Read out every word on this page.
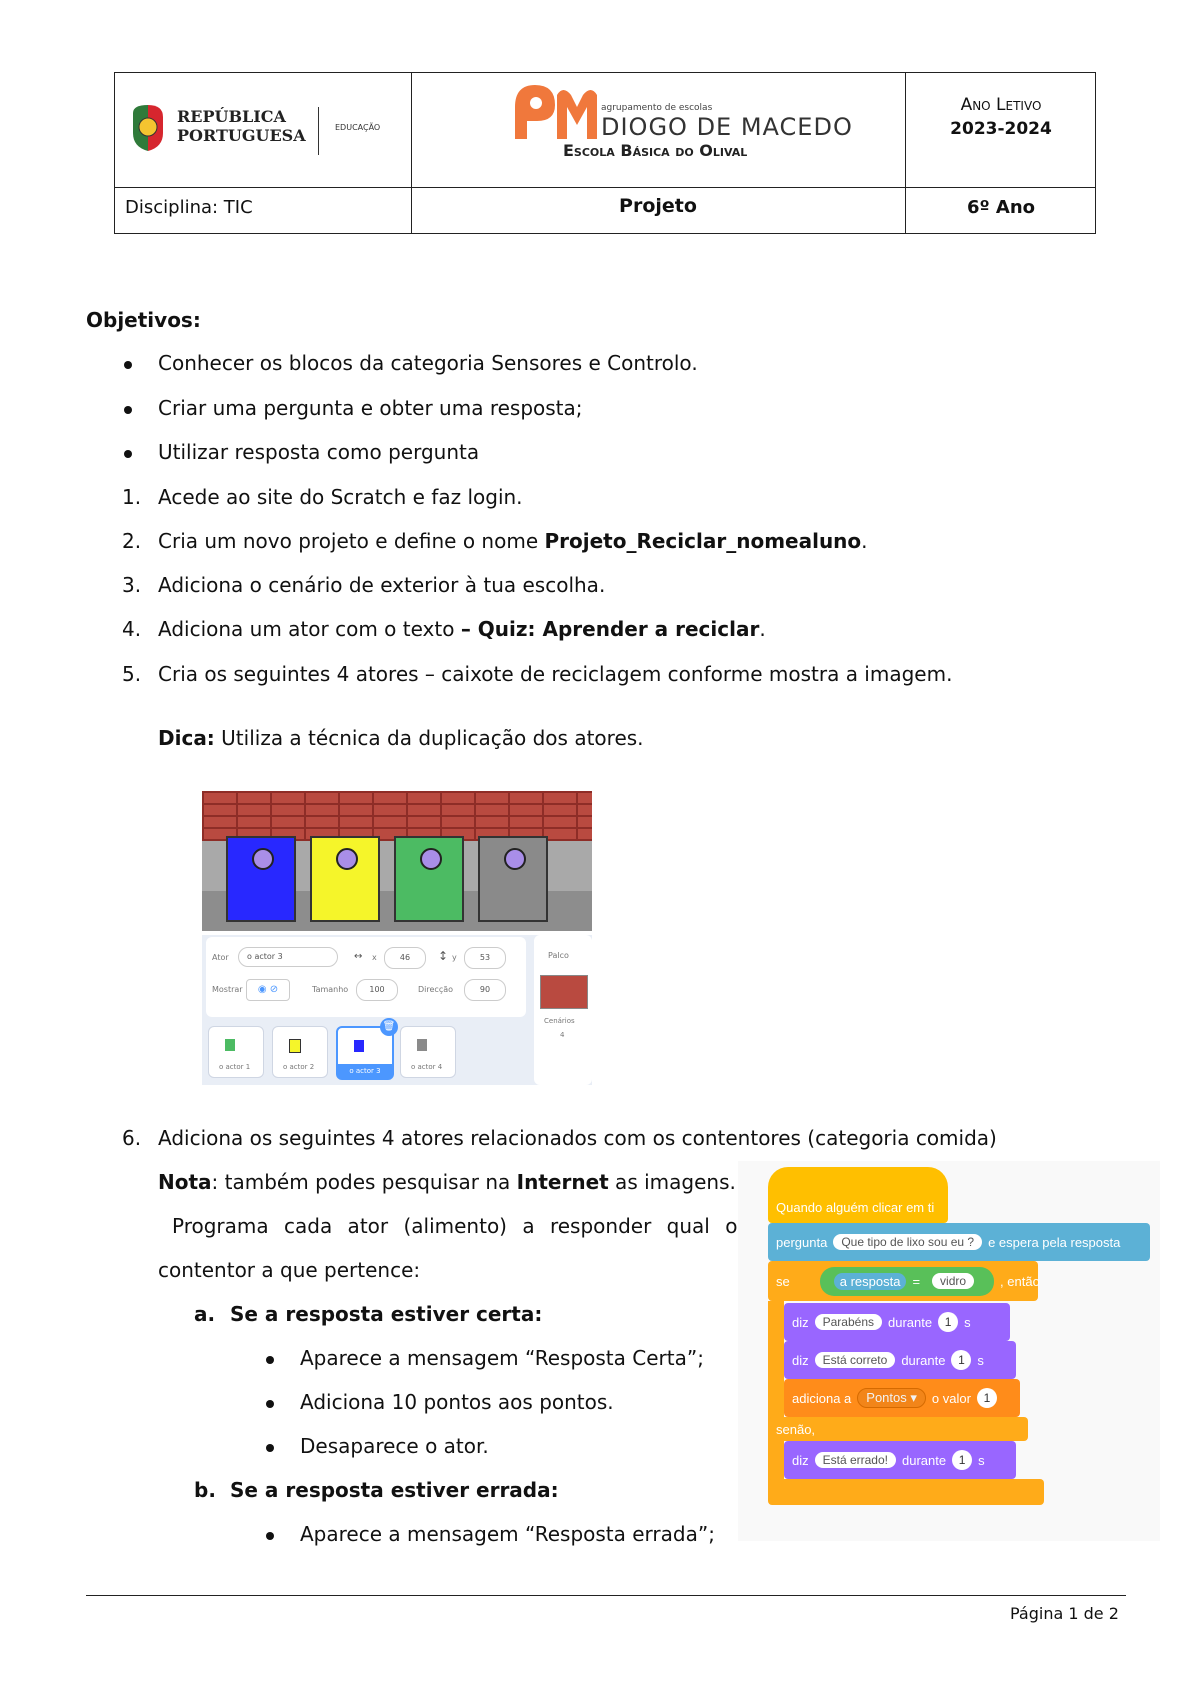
REPÚBLICA
PORTUGUESA	EDUCAÇÃO
agrupamento de escolas
DIOGO DE MACEDO
Escola Básica do Olival
Ano Letivo
2023-2024
Disciplina: TIC	Projeto	6º Ano
Objetivos:
Conhecer os blocos da categoria Sensores e Controlo.
Criar uma pergunta e obter uma resposta;
Utilizar resposta como pergunta
1. Acede ao site do Scratch e faz login.
2. Cria um novo projeto e define o nome Projeto_Reciclar_nomealuno.
3. Adiciona o cenário de exterior à tua escolha.
4. Adiciona um ator com o texto – Quiz: Aprender a reciclar.
5. Cria os seguintes 4 atores – caixote de reciclagem conforme mostra a imagem.
Dica: Utiliza a técnica da duplicação dos atores.
Ator	o actor 3	↔ x	46	↕ y	53
Mostrar	◉ ⊘	Tamanho	100	Direcção	90
Palco
Cenários
4
o actor 1	o actor 2	o actor 3
🗑
o actor 4
6. Adiciona os seguintes 4 atores relacionados com os contentores (categoria comida)
Nota: também podes pesquisar na Internet as imagens.
Programa cada ator (alimento) a responder qual o
contentor a que pertence:
a. Se a resposta estiver certa:
Aparece a mensagem “Resposta Certa”;
Adiciona 10 pontos aos pontos.
Desaparece o ator.
b. Se a resposta estiver errada:
Aparece a mensagem “Resposta errada”;
Quando alguém clicar em ti
pergunta	Que tipo de lixo sou eu ?	e espera pela resposta
se	a resposta =	vidro	, então
diz	Parabéns	durante	1 s
diz	Está correto	durante	1 s
adiciona a	Pontos ▾	o valor	1
senão,
diz	Está errado!	durante	1 s
Página 1 de 2
